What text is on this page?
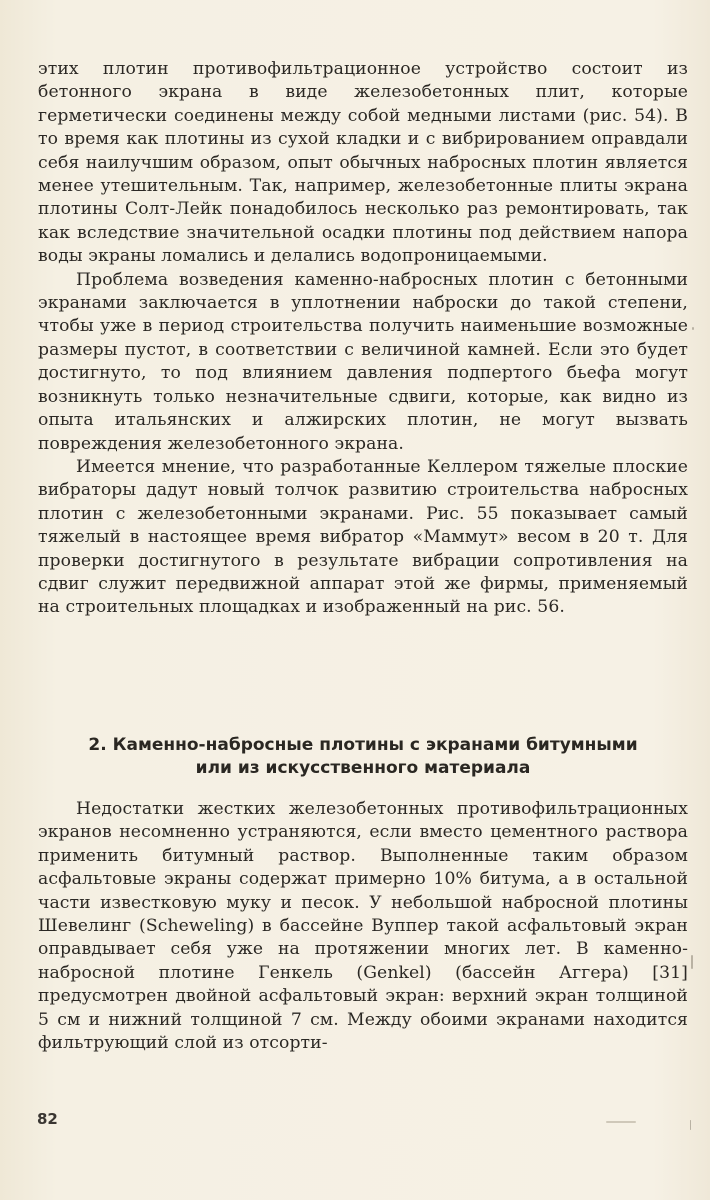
этих плотин противофильтрационное устройство состоит из бетонного экрана в виде железобетонных плит, которые герметически соединены между собой медными листами (рис. 54). В то время как плотины из сухой кладки и с вибрированием оправдали себя наилучшим образом, опыт обычных набросных плотин является менее утешительным. Так, например, железобетонные плиты экрана плотины Солт-Лейк понадобилось несколько раз ремонтировать, так как вследствие значительной осадки плотины под действием напора воды экраны ломались и делались водопроницаемыми.

Проблема возведения каменно-набросных плотин с бетонными экранами заключается в уплотнении наброски до такой степени, чтобы уже в период строительства получить наименьшие возможные размеры пустот, в соответствии с величиной камней. Если это будет достигнуто, то под влиянием давления подпертого бьефа могут возникнуть только незначительные сдвиги, которые, как видно из опыта итальянских и алжирских плотин, не могут вызвать повреждения железобетонного экрана.

Имеется мнение, что разработанные Келлером тяжелые плоские вибраторы дадут новый толчок развитию строительства набросных плотин с железобетонными экранами. Рис. 55 показывает самый тяжелый в настоящее время вибратор «Маммут» весом в 20 т. Для проверки достигнутого в результате вибрации сопротивления на сдвиг служит передвижной аппарат этой же фирмы, применяемый на строительных площадках и изображенный на рис. 56.

2. Каменно-набросные плотины с экранами битумными
или из искусственного материала

Недостатки жестких железобетонных противофильтрационных экранов несомненно устраняются, если вместо цементного раствора применить битумный раствор. Выполненные таким образом асфальтовые экраны содержат примерно 10% битума, а в остальной части известковую муку и песок. У небольшой набросной плотины Шевелинг (Scheweling) в бассейне Вуппер такой асфальтовый экран оправдывает себя уже на протяжении многих лет. В каменно-набросной плотине Генкель (Genkel) (бассейн Аггера) [31] предусмотрен двойной асфальтовый экран: верхний экран толщиной 5 см и нижний толщиной 7 см. Между обоими экранами находится фильтрующий слой из отсорти-

82
